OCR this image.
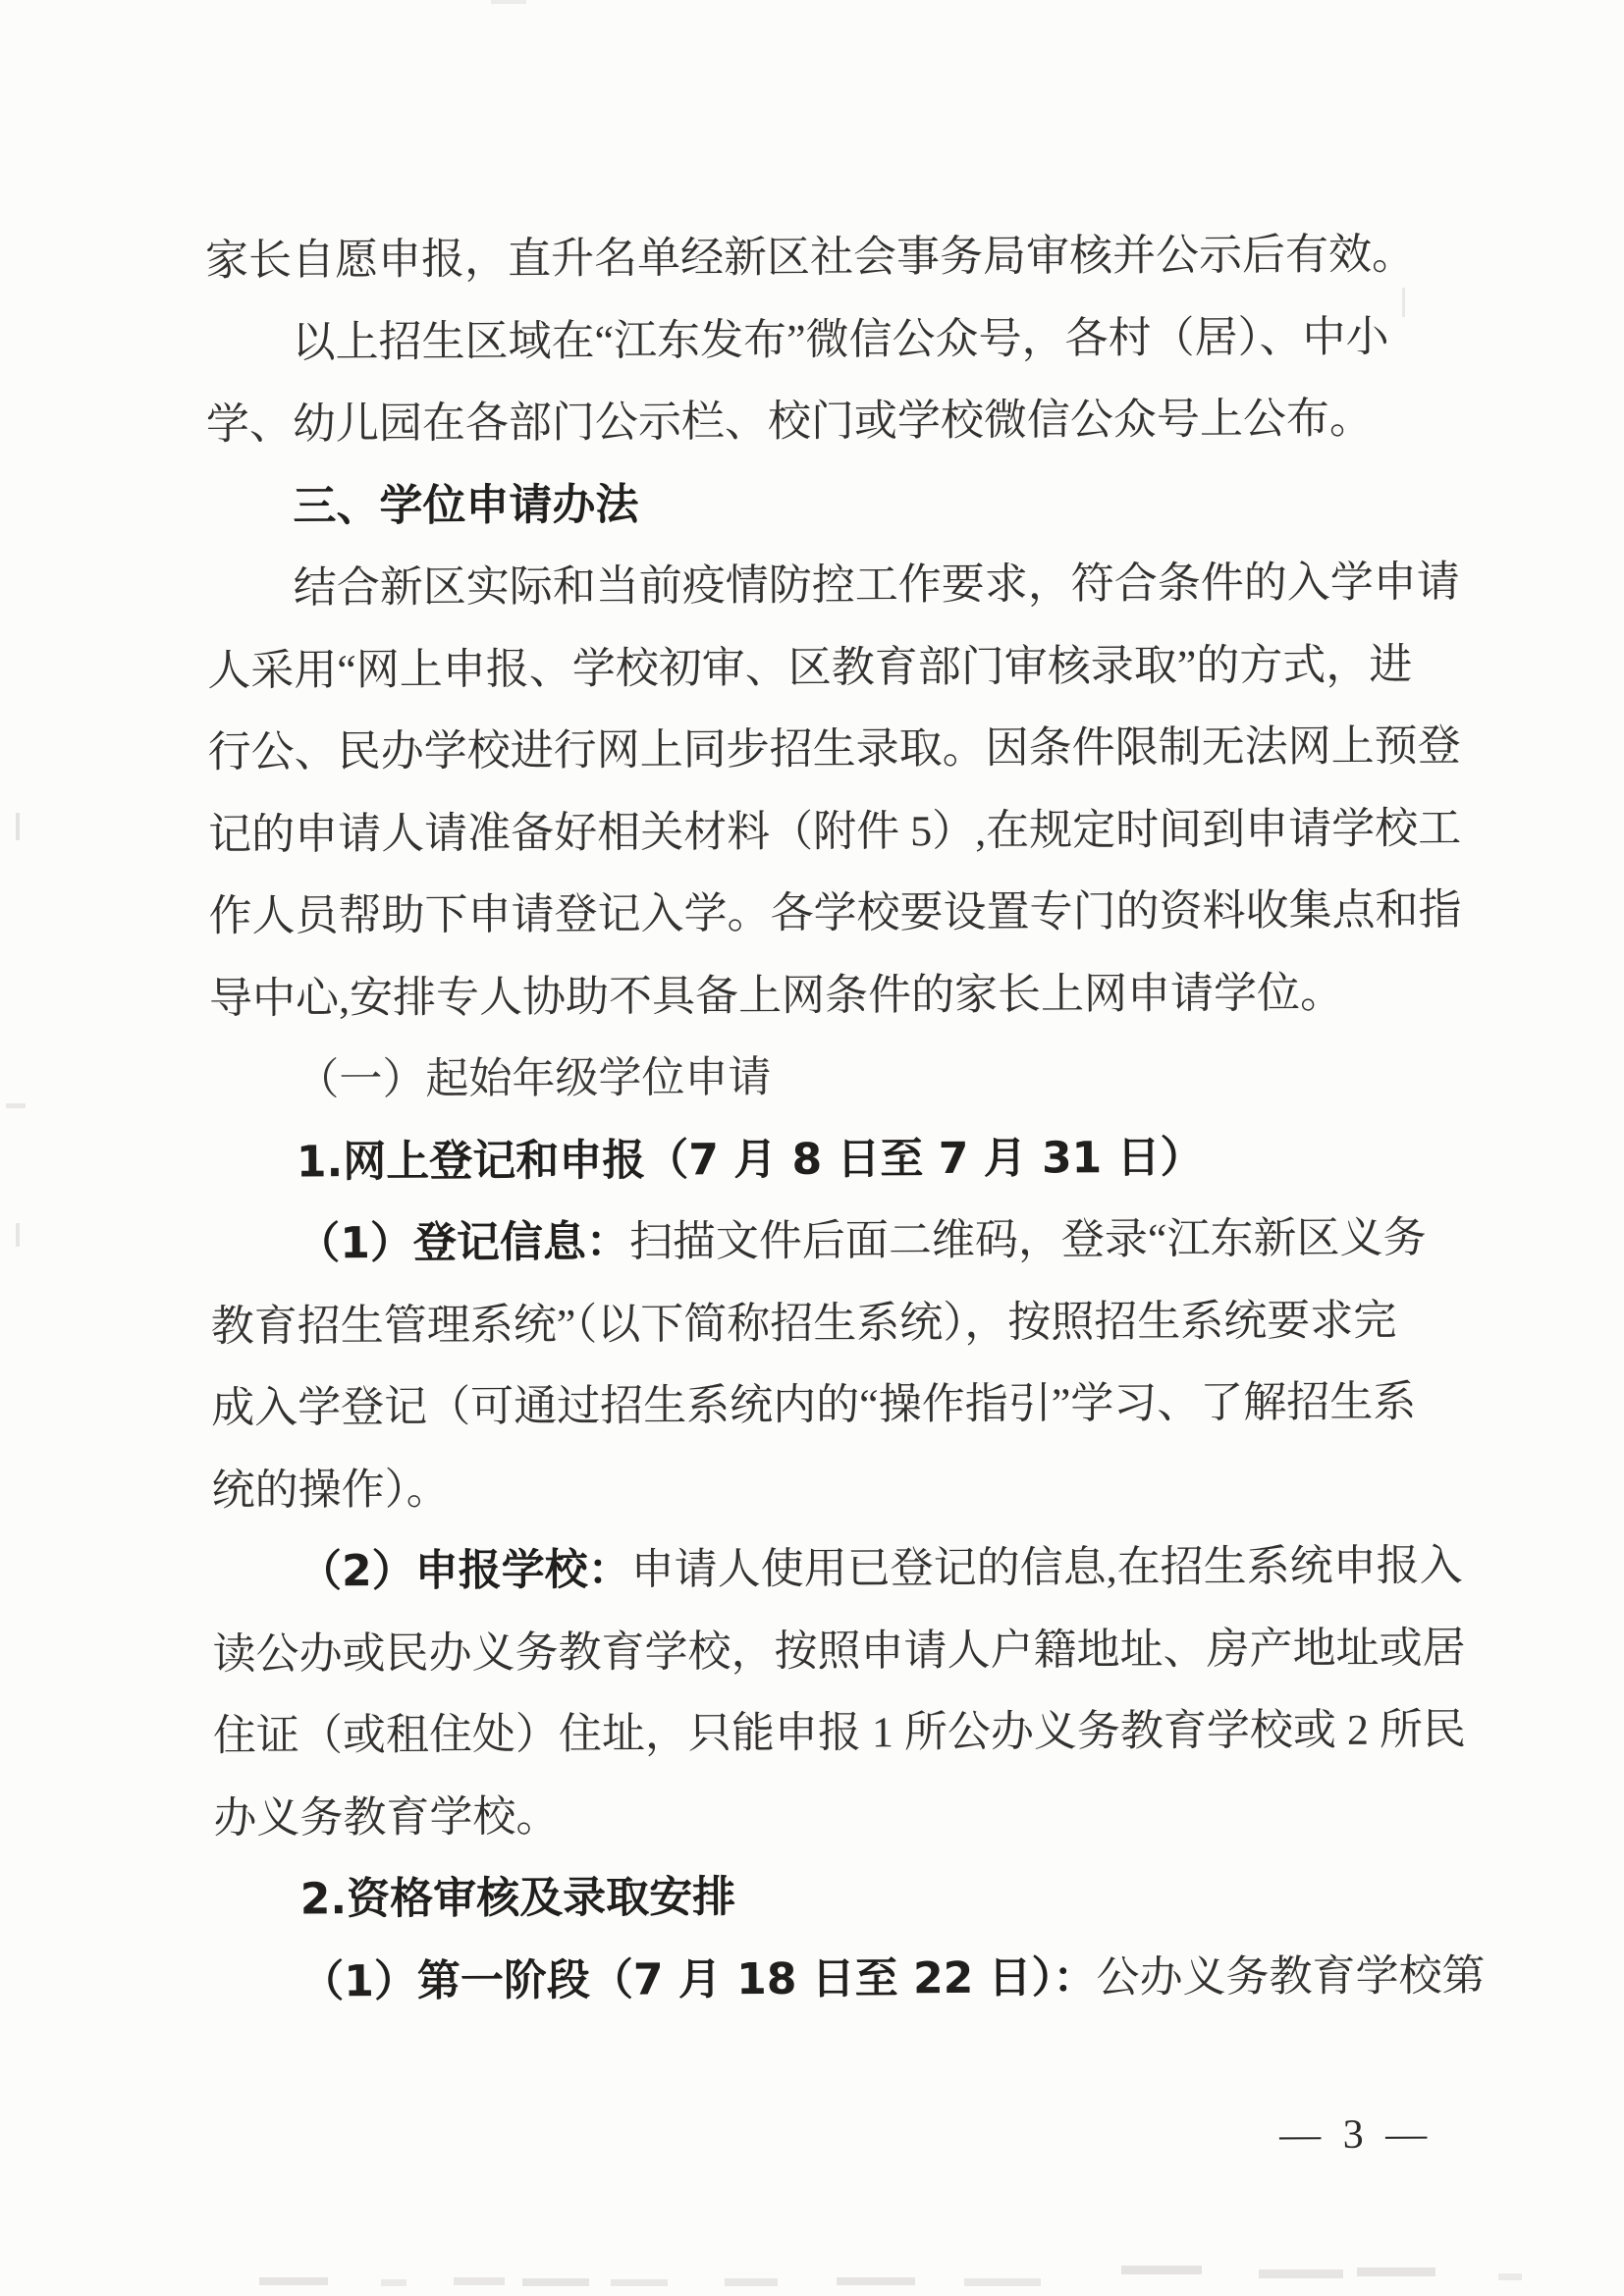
家长自愿申报，直升名单经新区社会事务局审核并公示后有效。
以上招生区域在“江东发布”微信公众号，各村（居）、中小
学、幼儿园在各部门公示栏、校门或学校微信公众号上公布。
三、学位申请办法
结合新区实际和当前疫情防控工作要求，符合条件的入学申请
人采用“网上申报、学校初审、区教育部门审核录取”的方式，进
行公、民办学校进行网上同步招生录取。因条件限制无法网上预登
记的申请人请准备好相关材料（附件 5）,在规定时间到申请学校工
作人员帮助下申请登记入学。各学校要设置专门的资料收集点和指
导中心,安排专人协助不具备上网条件的家长上网申请学位。
（一）起始年级学位申请
1.网上登记和申报（7 月 8 日至 7 月 31 日）
（1）登记信息：扫描文件后面二维码，登录“江东新区义务
教育招生管理系统”（以下简称招生系统），按照招生系统要求完
成入学登记（可通过招生系统内的“操作指引”学习、了解招生系
统的操作）。
（2）申报学校：申请人使用已登记的信息,在招生系统申报入
读公办或民办义务教育学校，按照申请人户籍地址、房产地址或居
住证（或租住处）住址，只能申报 1 所公办义务教育学校或 2 所民
办义务教育学校。
2.资格审核及录取安排
（1）第一阶段（7 月 18 日至 22 日）：公办义务教育学校第
— 3 —
